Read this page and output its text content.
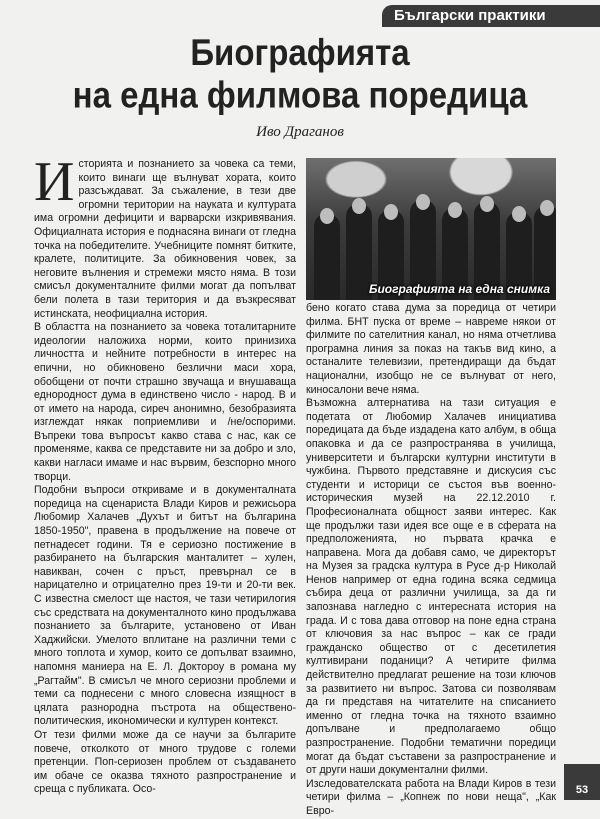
Български практики
Биографията
на една филмова поредица
Иво Драганов

Историята и познанието за човека са теми, които винаги ще вълнуват хората, които разсъждават. За съжаление, в тези две огромни територии на науката и културата има огромни дефицити и варварски изкривявания. Официалната история е поднасяна винаги от гледна точка на победителите. Учебниците помнят битките, кралете, политиците. За обикновения човек, за неговите вълнения и стремежи място няма. В този смисъл документалните филми могат да попълват бели полета в тази територия и да възкресяват истинската, неофициална история.

В областта на познанието за човека тоталитарните идеологии наложиха норми, които принизиха личността и нейните потребности в интерес на епични, но обикновено безлични маси хора, обобщени от почти страшно звучаща и внушаваща еднородност дума в единствено число - народ. В и от името на народа, сиреч анонимно, безобразията изглеждат някак поприемливи и /не/оспорими. Въпреки това въпросът какво става с нас, как се променяме, каква се представите ни за добро и зло, какви нагласи имаме и нас вървим, безспорно много творци.

Подобни въпроси откриваме и в документалната поредица на сценариста Влади Киров и режисьора Любомир Халачев „Духът и битът на българина 1850-1950", правена в продължение на повече от петнадесет години. Тя е сериозно постижение в разбирането на българския манталитет – хулен, навикван, сочен с пръст, превърнал се в нарицателно и отрицателно през 19-ти и 20-ти век. С известна смелост ще настоя, че тази четирилогия със средствата на документалното кино продължава познанието за българите, установено от Иван Хаджийски. Умелото вплитане на различни теми с много топлота и хумор, които се допълват взаимно, напомня маниера на Е. Л. Доктороу в романа му „Рагтайм". В смисъл че много сериозни проблеми и теми са поднесени с много словесна изящност в цялата разнородна пъстрота на обществено-политическия, икономически и културен контекст.

От тези филми може да се научи за българите повече, отколкото от много трудове с големи претенции. Поп-сериозен проблем от създаването им обаче се оказва тяхното разпространение и среща с публиката. Осо-

Биографията на една снимка

бено когато става дума за поредица от четири филма. БНТ пуска от време – навреме някои от филмите по сателитния канал, но няма отчетлива програмна линия за показ на такъв вид кино, а останалите телевизии, претендиращи да бъдат национални, изобщо не се вълнуват от него, киносалони вече няма.

Възможна алтернатива на тази ситуация е подетата от Любомир Халачев инициатива поредицата да бъде издадена като албум, в обща опаковка и да се разпространява в училища, университети и български културни институти в чужбина. Първото представяне и дискусия със студенти и историци се състоя във военно-историческия музей на 22.12.2010 г. Професионалната общност заяви интерес. Как ще продължи тази идея все още е в сферата на предположенията, но първата крачка е направена. Мога да добавя само, че директорът на Музея за градска култура в Русе д-р Николай Ненов например от една година всяка седмица събира деца от различни училища, за да ги запознава нагледно с интересната история на града. И с това дава отговор на поне една страна от ключовия за нас въпрос – как се гради гражданско общество от с десетилетия култивирани поданици? А четирите филма действително предлагат решение на този ключов за развитието ни въпрос. Затова си позволявам да ги представя на читателите на списанието именно от гледна точка на тяхното взаимно допълване и предполагаемо общо разпространение. Подобни тематични поредици могат да бъдат съставени за разпространение и от други наши документални филми.

Изследователската работа на Влади Киров в тези четири филма – „Копнеж по нови неща", „Как Евро-

53
